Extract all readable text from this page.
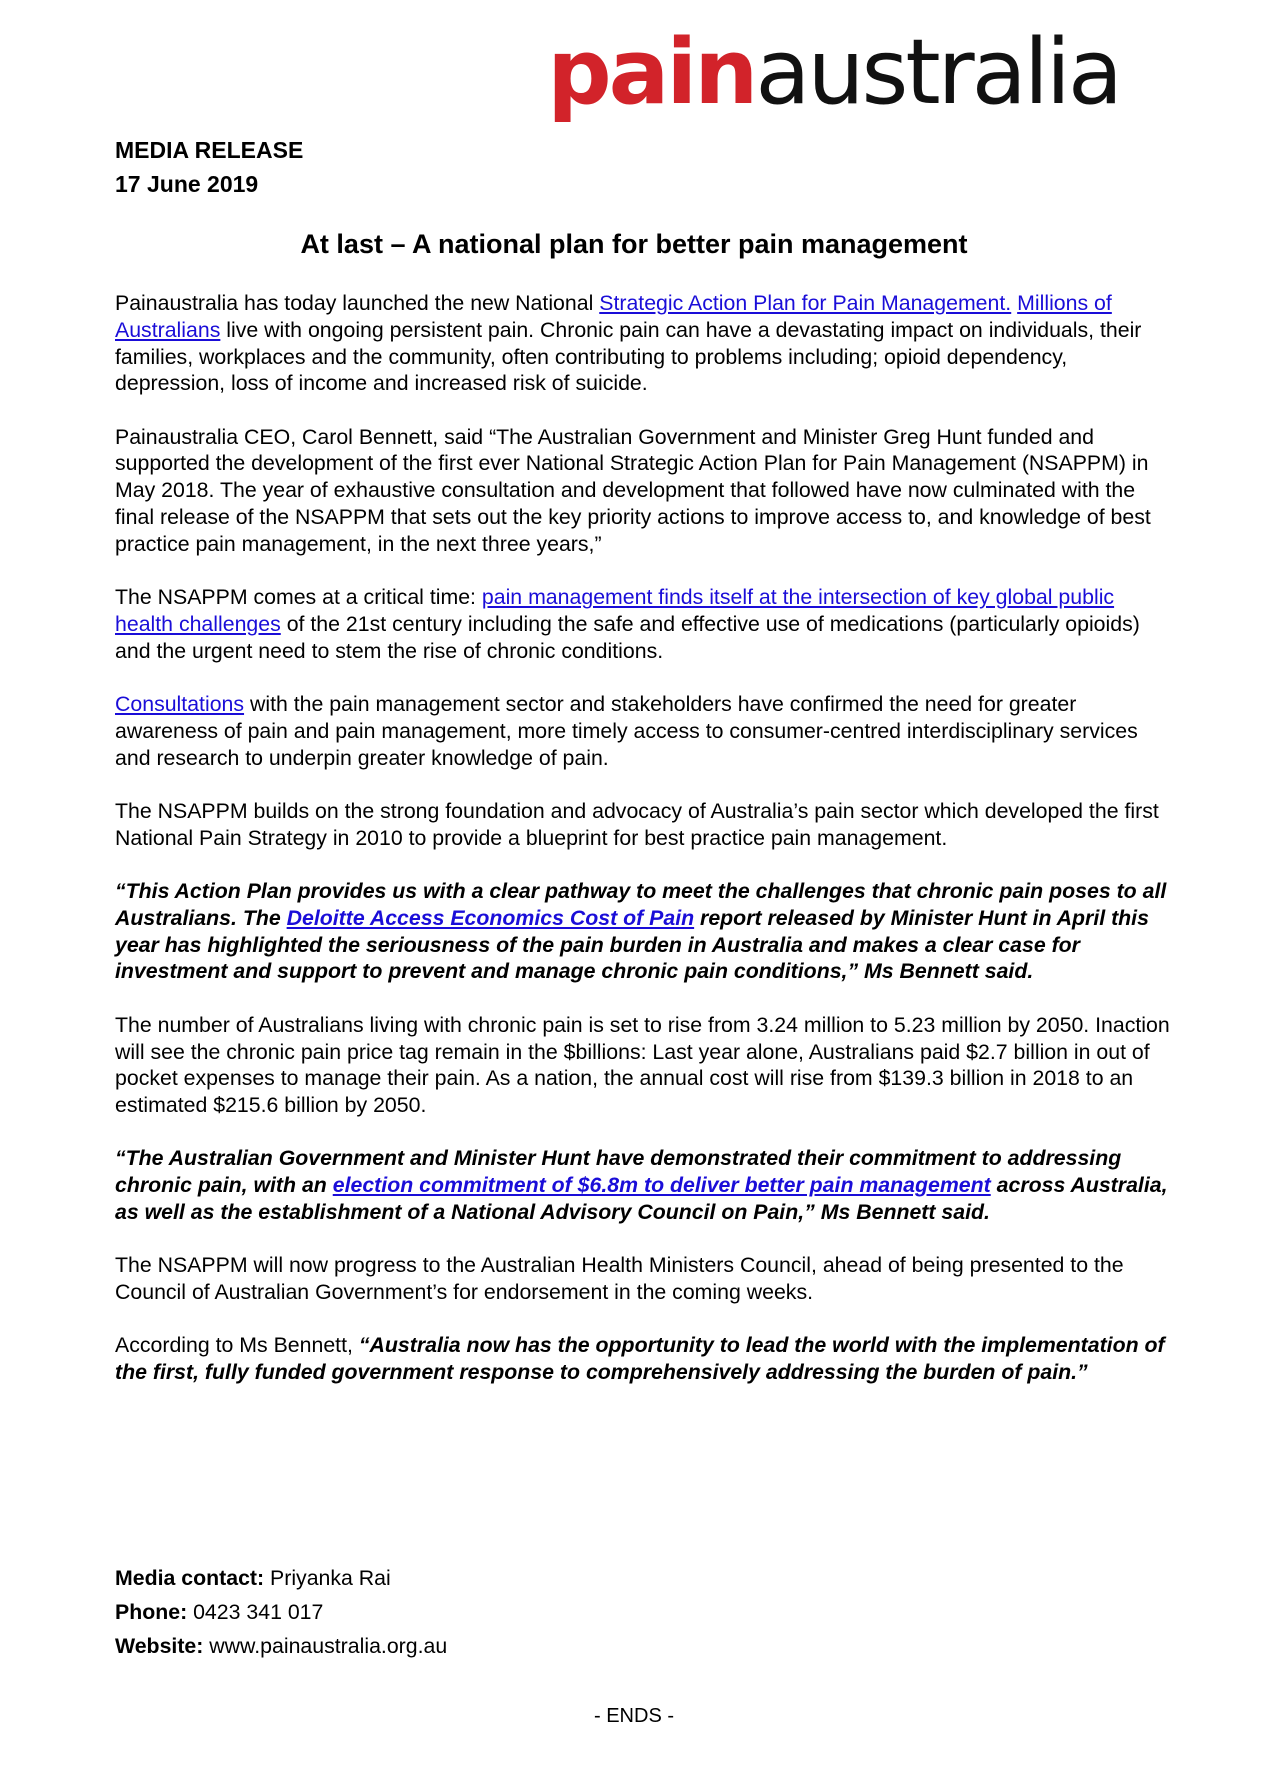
painaustralia
MEDIA RELEASE
17 June 2019
At last – A national plan for better pain management

Painaustralia has today launched the new National Strategic Action Plan for Pain Management. Millions of Australians live with ongoing persistent pain. Chronic pain can have a devastating impact on individuals, their families, workplaces and the community, often contributing to problems including; opioid dependency, depression, loss of income and increased risk of suicide.

Painaustralia CEO, Carol Bennett, said “The Australian Government and Minister Greg Hunt funded and supported the development of the first ever National Strategic Action Plan for Pain Management (NSAPPM) in May 2018. The year of exhaustive consultation and development that followed have now culminated with the final release of the NSAPPM that sets out the key priority actions to improve access to, and knowledge of best practice pain management, in the next three years,”

The NSAPPM comes at a critical time: pain management finds itself at the intersection of key global public health challenges of the 21st century including the safe and effective use of medications (particularly opioids) and the urgent need to stem the rise of chronic conditions.

Consultations with the pain management sector and stakeholders have confirmed the need for greater awareness of pain and pain management, more timely access to consumer-centred interdisciplinary services and research to underpin greater knowledge of pain.

The NSAPPM builds on the strong foundation and advocacy of Australia’s pain sector which developed the first National Pain Strategy in 2010 to provide a blueprint for best practice pain management.

“This Action Plan provides us with a clear pathway to meet the challenges that chronic pain poses to all Australians. The Deloitte Access Economics Cost of Pain report released by Minister Hunt in April this year has highlighted the seriousness of the pain burden in Australia and makes a clear case for investment and support to prevent and manage chronic pain conditions,” Ms Bennett said.

The number of Australians living with chronic pain is set to rise from 3.24 million to 5.23 million by 2050. Inaction will see the chronic pain price tag remain in the $billions: Last year alone, Australians paid $2.7 billion in out of pocket expenses to manage their pain. As a nation, the annual cost will rise from $139.3 billion in 2018 to an estimated $215.6 billion by 2050.

“The Australian Government and Minister Hunt have demonstrated their commitment to addressing chronic pain, with an election commitment of $6.8m to deliver better pain management across Australia, as well as the establishment of a National Advisory Council on Pain,” Ms Bennett said.

The NSAPPM will now progress to the Australian Health Ministers Council, ahead of being presented to the Council of Australian Government’s for endorsement in the coming weeks.

According to Ms Bennett, “Australia now has the opportunity to lead the world with the implementation of the first, fully funded government response to comprehensively addressing the burden of pain.”

Media contact: Priyanka Rai
Phone: 0423 341 017
Website: www.painaustralia.org.au
- ENDS -
